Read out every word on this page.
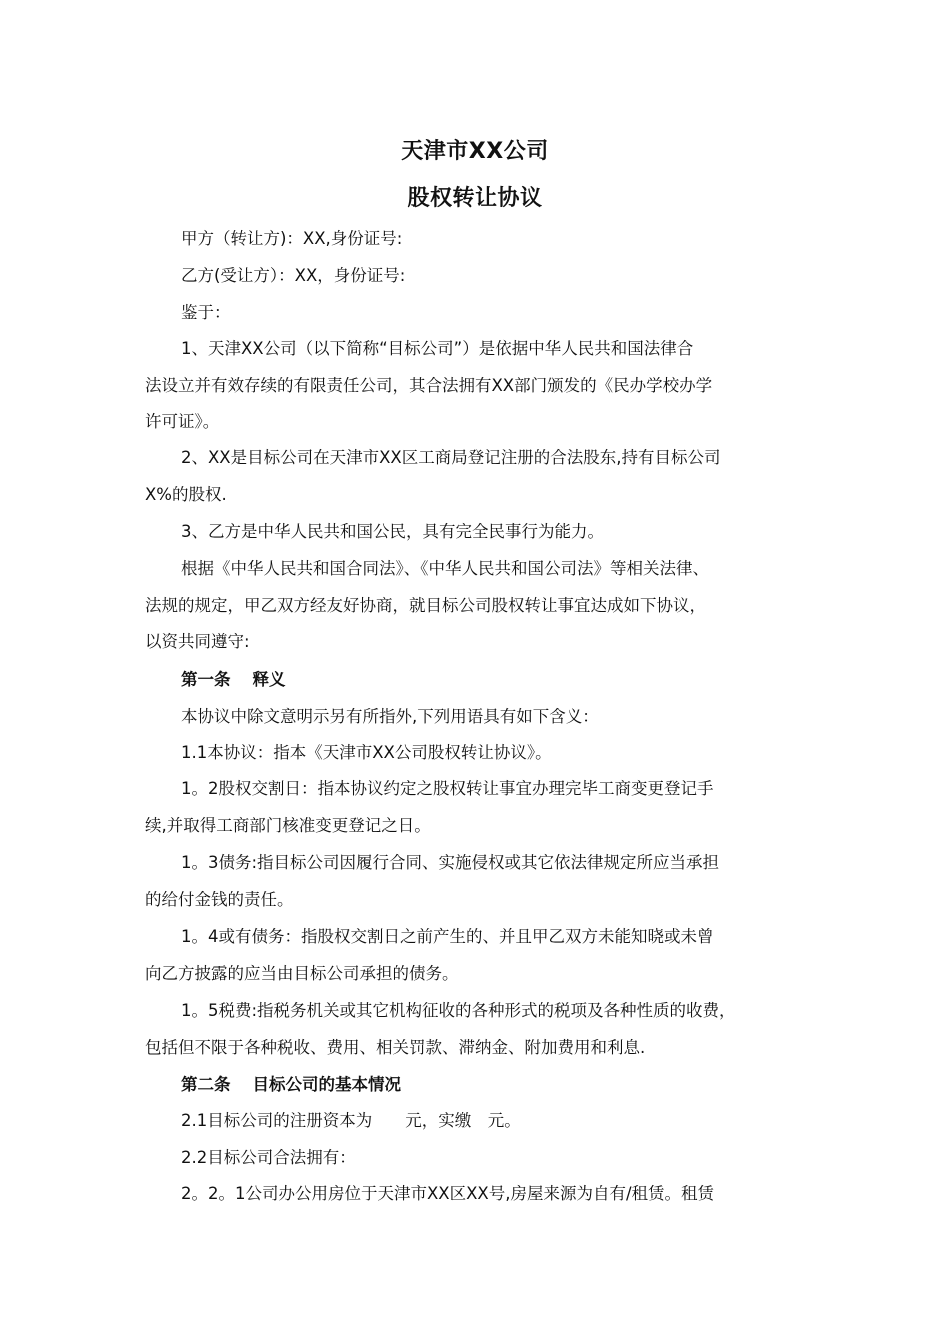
天津市XX公司
股权转让协议
甲方（转让方)：XX,身份证号:
乙方(受让方）：XX，身份证号:
鉴于：
1、天津XX公司（以下简称“目标公司”）是依据中华人民共和国法律合
法设立并有效存续的有限责任公司，其合法拥有XX部门颁发的《民办学校办学
许可证》。
2、XX是目标公司在天津市XX区工商局登记注册的合法股东,持有目标公司
X%的股权.
3、乙方是中华人民共和国公民，具有完全民事行为能力。
根据《中华人民共和国合同法》、《中华人民共和国公司法》等相关法律、
法规的规定，甲乙双方经友好协商，就目标公司股权转让事宜达成如下协议，
以资共同遵守:
第一条 释义
本协议中除文意明示另有所指外,下列用语具有如下含义：
1.1本协议：指本《天津市XX公司股权转让协议》。
1。2股权交割日：指本协议约定之股权转让事宜办理完毕工商变更登记手
续,并取得工商部门核准变更登记之日。
1。3债务:指目标公司因履行合同、实施侵权或其它依法律规定所应当承担
的给付金钱的责任。
1。4或有债务：指股权交割日之前产生的、并且甲乙双方未能知晓或未曾
向乙方披露的应当由目标公司承担的债务。
1。5税费:指税务机关或其它机构征收的各种形式的税项及各种性质的收费，
包括但不限于各种税收、费用、相关罚款、滞纳金、附加费用和利息.
第二条 目标公司的基本情况
2.1目标公司的注册资本为　　元，实缴　元。
2.2目标公司合法拥有：
2。2。1公司办公用房位于天津市XX区XX号,房屋来源为自有/租赁。租赁
